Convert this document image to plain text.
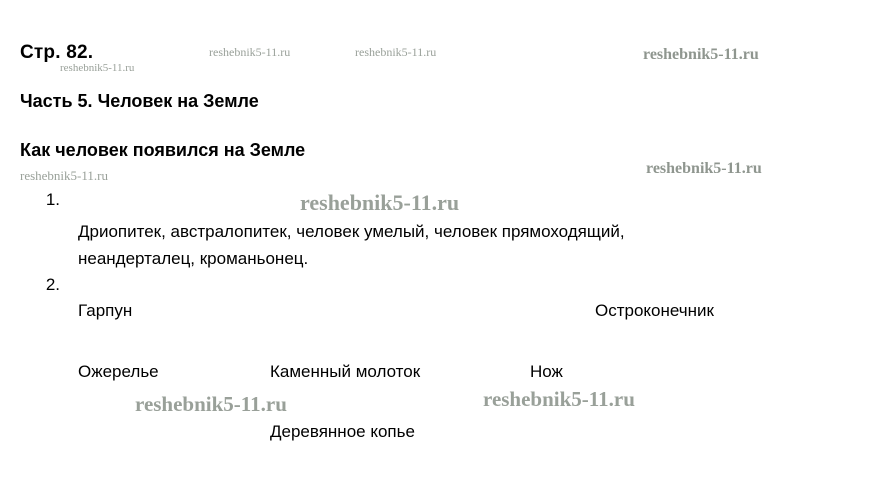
Стр. 82.
Часть 5. Человек на Земле
Как человек появился на Земле
1.
Дриопитек, австралопитек, человек умелый, человек прямоходящий,
неандерталец, кроманьонец.
2.
Гарпун	Остроконечник
Ожерелье	Каменный молоток	Нож
Деревянное копье
reshebnik5-11.ru	reshebnik5-11.ru	reshebnik5-11.ru
reshebnik5-11.ru
reshebnik5-11.ru
reshebnik5-11.ru
reshebnik5-11.ru
reshebnik5-11.ru	reshebnik5-11.ru
